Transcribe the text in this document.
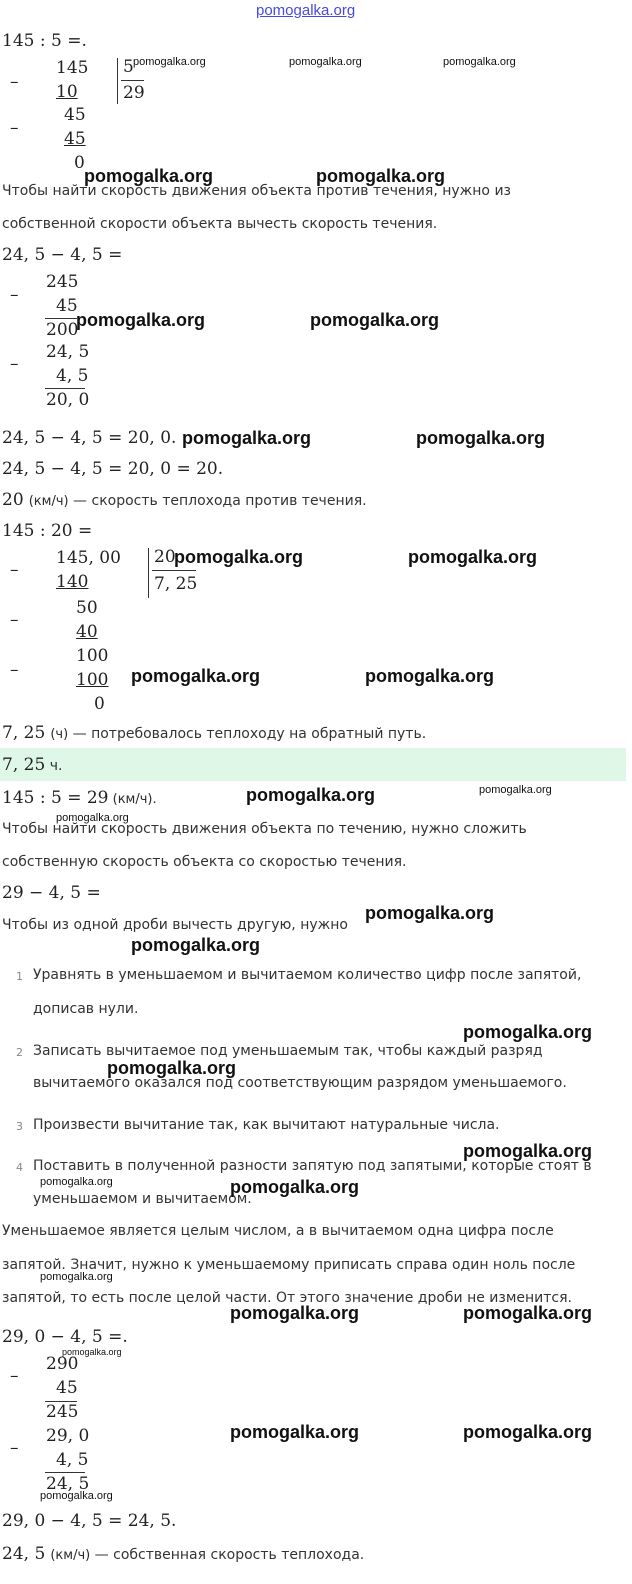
pomogalka.org
145 : 5 =.
–
145
10
–
45
45
0
5
29
Чтобы найти скорость движения объекта против течения, нужно из
собственной скорости объекта вычесть скорость течения.
24, 5 − 4, 5 =
–
245
45
200
–
24, 5
4, 5
20, 0
24, 5 − 4, 5 = 20, 0.
24, 5 − 4, 5 = 20, 0 = 20.
20 (км/ч) — скорость теплохода против течения.
145 : 20 =
–
145, 00
140
–
50
40
–
100
100
0
20
7, 25
7, 25 (ч) — потребовалось теплоходу на обратный путь.
7, 25 ч.
145 : 5 = 29 (км/ч).
Чтобы найти скорость движения объекта по течению, нужно сложить
собственную скорость объекта со скоростью течения.
29 − 4, 5 =
Чтобы из одной дроби вычесть другую, нужно
1 Уравнять в уменьшаемом и вычитаемом количество цифр после запятой,
дописав нули.
2 Записать вычитаемое под уменьшаемым так, чтобы каждый разряд
вычитаемого оказался под соответствующим разрядом уменьшаемого.
3 Произвести вычитание так, как вычитают натуральные числа.
4 Поставить в полученной разности запятую под запятыми, которые стоят в
уменьшаемом и вычитаемом.
Уменьшаемое является целым числом, а в вычитаемом одна цифра после
запятой. Значит, нужно к уменьшаемому приписать справа один ноль после
запятой, то есть после целой части. От этого значение дроби не изменится.
29, 0 − 4, 5 =.
–
290
45
245
–
29, 0
4, 5
24, 5
29, 0 − 4, 5 = 24, 5.
24, 5 (км/ч) — собственная скорость теплохода.
pomogalka.org	pomogalka.org
pomogalka.org	pomogalka.org
pomogalka.org	pomogalka.org
pomogalka.org	pomogalka.org
pomogalka.org	pomogalka.org
pomogalka.org
pomogalka.org
pomogalka.org
pomogalka.org
pomogalka.org
pomogalka.org
pomogalka.org
pomogalka.org	pomogalka.org
pomogalka.org	pomogalka.org
pomogalka.org	pomogalka.org	pomogalka.org
pomogalka.org
pomogalka.org
pomogalka.org
pomogalka.org
pomogalka.org
pomogalka.org
